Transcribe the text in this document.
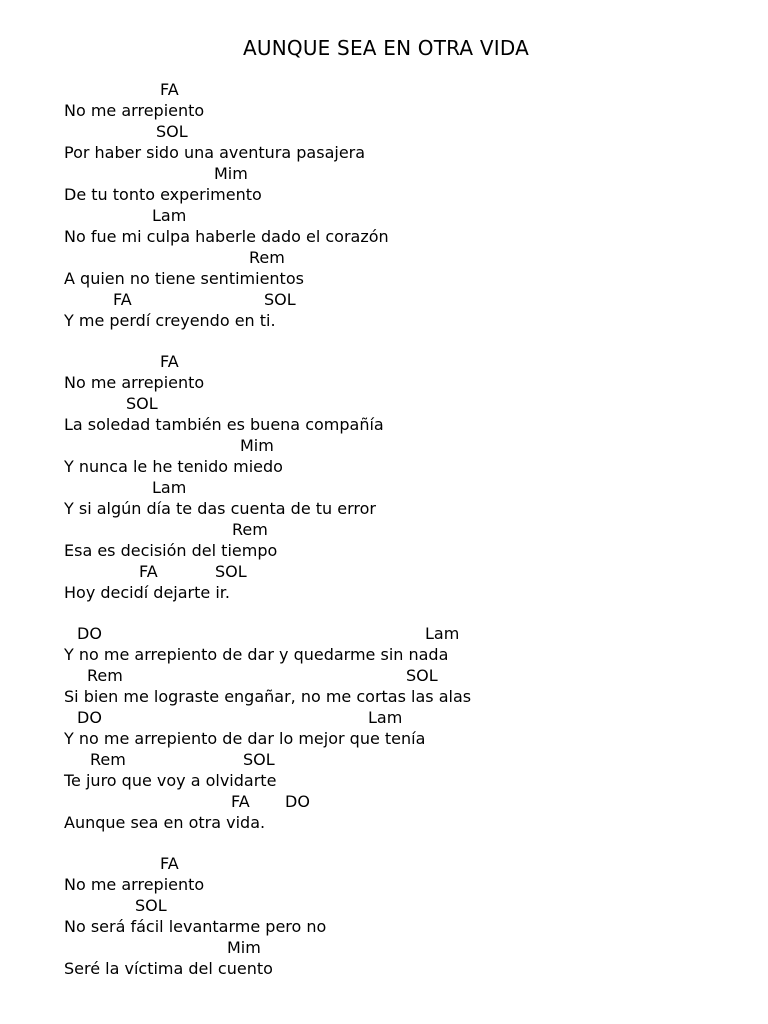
AUNQUE SEA EN OTRA VIDA
FA
No me arrepiento
SOL
Por haber sido una aventura pasajera
Mim
De tu tonto experimento
Lam
No fue mi culpa haberle dado el corazón
Rem
A quien no tiene sentimientos
FA	SOL
Y me perdí creyendo en ti.
FA
No me arrepiento
SOL
La soledad también es buena compañía
Mim
Y nunca le he tenido miedo
Lam
Y si algún día te das cuenta de tu error
Rem
Esa es decisión del tiempo
FA	SOL
Hoy decidí dejarte ir.
DO	Lam
Y no me arrepiento de dar y quedarme sin nada
Rem	SOL
Si bien me lograste engañar, no me cortas las alas
DO	Lam
Y no me arrepiento de dar lo mejor que tenía
Rem	SOL
Te juro que voy a olvidarte
FA DO
Aunque sea en otra vida.
FA
No me arrepiento
SOL
No será fácil levantarme pero no
Mim
Seré la víctima del cuento
